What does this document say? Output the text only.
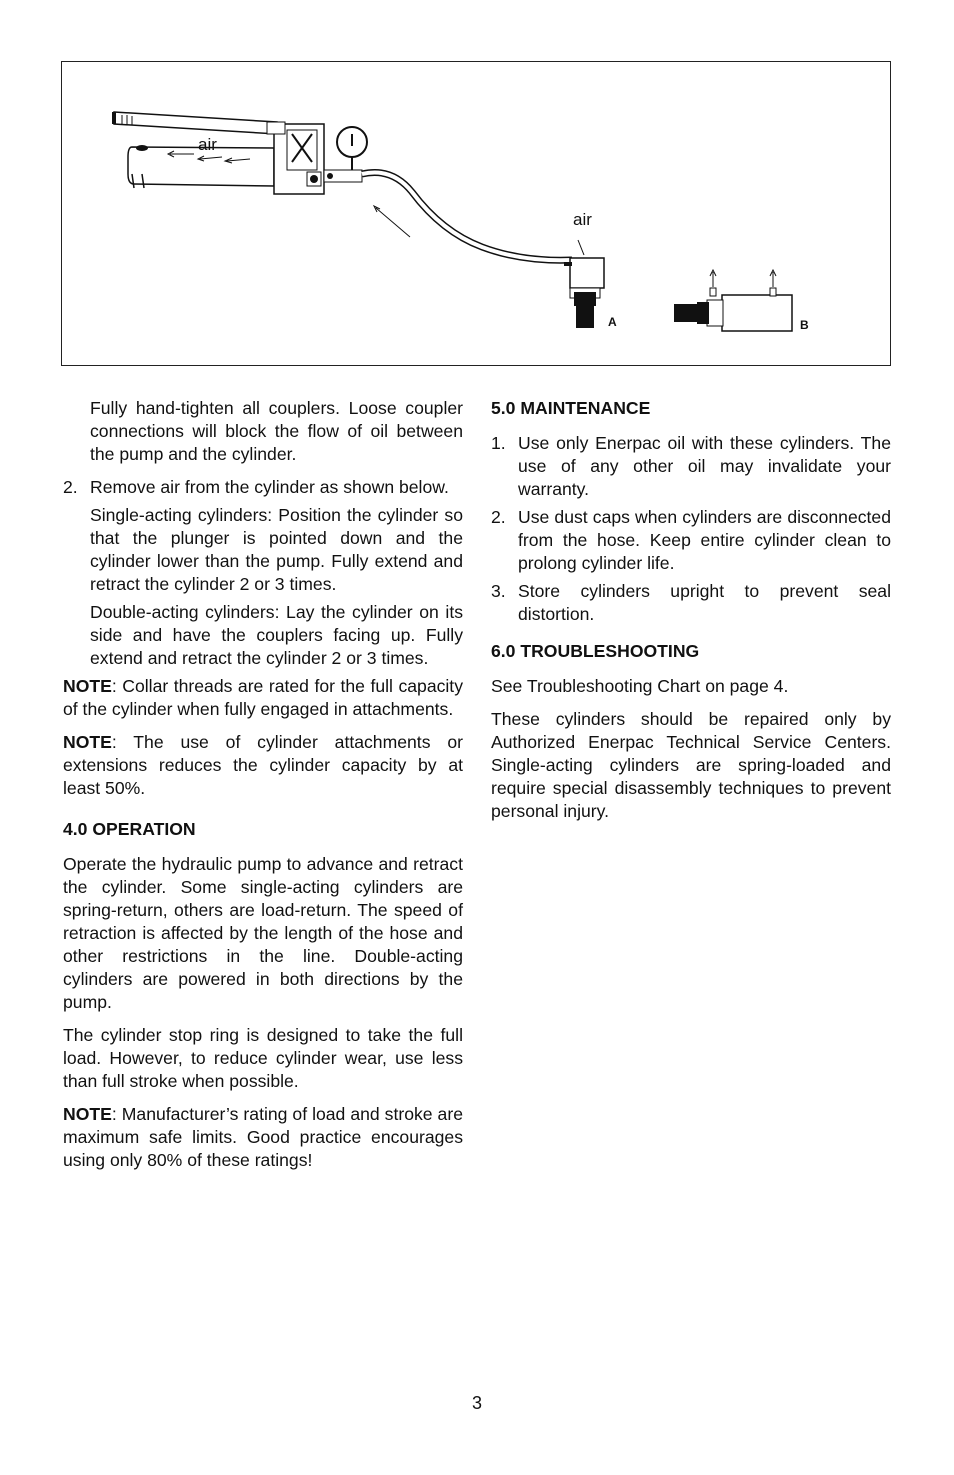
air
air
A	B

Fully hand-tighten all couplers. Loose coupler connections will block the flow of oil between the pump and the cylinder.

2. Remove air from the cylinder as shown below.

Single-acting cylinders: Position the cylinder so that the plunger is pointed down and the cylinder lower than the pump. Fully extend and retract the cylinder 2 or 3 times.

Double-acting cylinders: Lay the cylinder on its side and have the couplers facing up. Fully extend and retract the cylinder 2 or 3 times.

NOTE: Collar threads are rated for the full capacity of the cylinder when fully engaged in attachments.

NOTE: The use of cylinder attachments or extensions reduces the cylinder capacity by at least 50%.

4.0 OPERATION

Operate the hydraulic pump to advance and retract the cylinder. Some single-acting cylinders are spring-return, others are load-return. The speed of retraction is affected by the length of the hose and other restrictions in the line. Double-acting cylinders are powered in both directions by the pump.

The cylinder stop ring is designed to take the full load. However, to reduce cylinder wear, use less than full stroke when possible.

NOTE: Manufacturer’s rating of load and stroke are maximum safe limits. Good practice encourages using only 80% of these ratings!

5.0 MAINTENANCE
1. Use only Enerpac oil with these cylinders. The use of any other oil may invalidate your warranty.

2. Use dust caps when cylinders are disconnected from the hose. Keep entire cylinder clean to prolong cylinder life.

3. Store cylinders upright to prevent seal distortion.

6.0 TROUBLESHOOTING

See Troubleshooting Chart on page 4.

These cylinders should be repaired only by Authorized Enerpac Technical Service Centers. Single-acting cylinders are spring-loaded and require special disassembly techniques to prevent personal injury.

3
